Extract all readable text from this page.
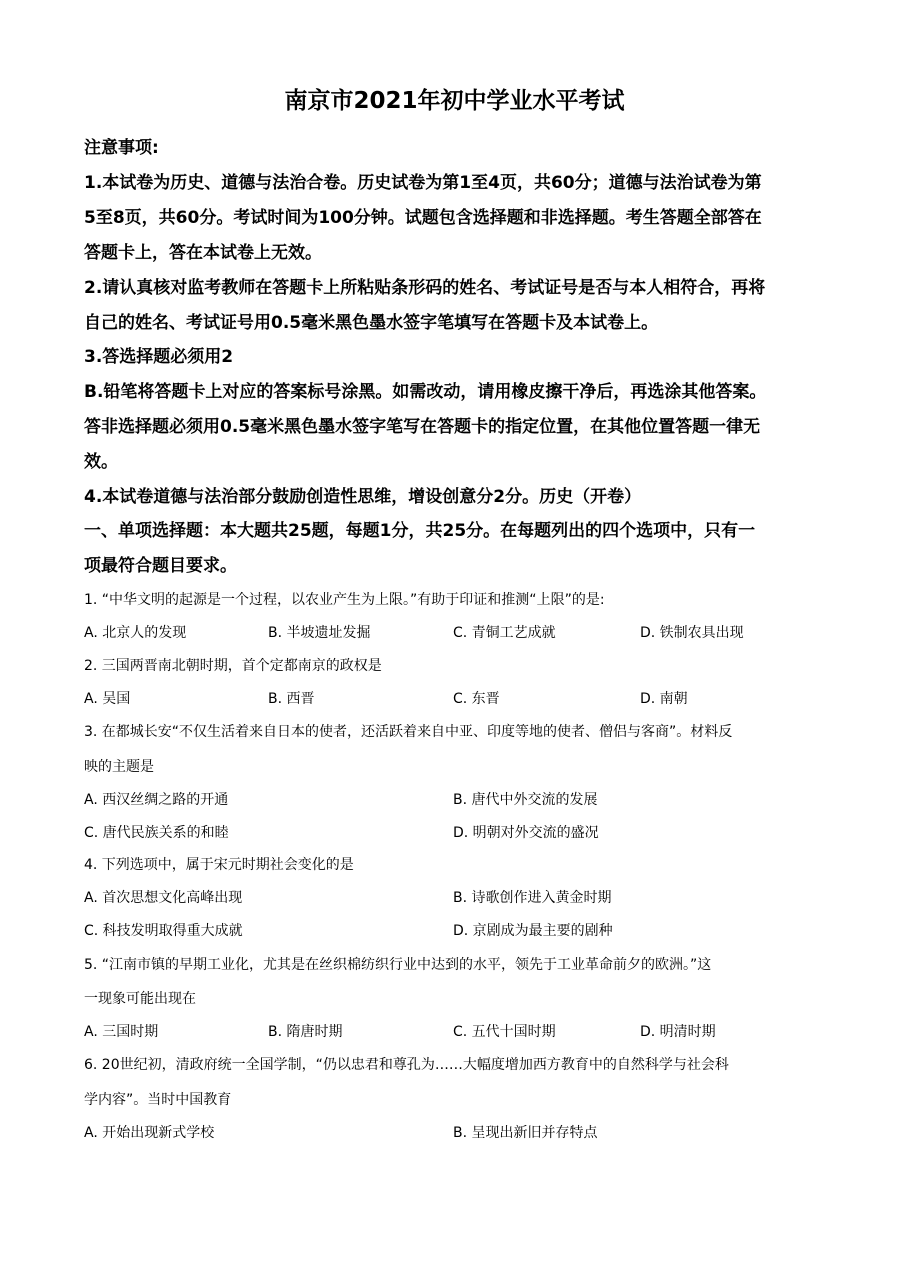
南京市2021年初中学业水平考试
注意事项:
1.本试卷为历史、道德与法治合卷。历史试卷为第1至4页，共60分；道德与法治试卷为第
5至8页，共60分。考试时间为100分钟。试题包含选择题和非选择题。考生答题全部答在
答题卡上，答在本试卷上无效。
2.请认真核对监考教师在答题卡上所粘贴条形码的姓名、考试证号是否与本人相符合，再将
自己的姓名、考试证号用0.5毫米黑色墨水签字笔填写在答题卡及本试卷上。
3.答选择题必须用2
B.铅笔将答题卡上对应的答案标号涂黑。如需改动，请用橡皮擦干净后，再选涂其他答案。
答非选择题必须用0.5毫米黑色墨水签字笔写在答题卡的指定位置，在其他位置答题一律无
效。
4.本试卷道德与法治部分鼓励创造性思维，增设创意分2分。历史（开卷）
一、单项选择题：本大题共25题，每题1分，共25分。在每题列出的四个选项中，只有一
项最符合题目要求。
1. “中华文明的起源是一个过程，以农业产生为上限。”有助于印证和推测“上限”的是:
A. 北京人的发现	B. 半坡遗址发掘	C. 青铜工艺成就	D. 铁制农具出现
2. 三国两晋南北朝时期，首个定都南京的政权是
A. 吴国	B. 西晋	C. 东晋	D. 南朝
3. 在都城长安“不仅生活着来自日本的使者，还活跃着来自中亚、印度等地的使者、僧侣与客商”。材料反
映的主题是
A. 西汉丝绸之路的开通	B. 唐代中外交流的发展
C. 唐代民族关系的和睦	D. 明朝对外交流的盛况
4. 下列选项中，属于宋元时期社会变化的是
A. 首次思想文化高峰出现	B. 诗歌创作进入黄金时期
C. 科技发明取得重大成就	D. 京剧成为最主要的剧种
5. “江南市镇的早期工业化，尤其是在丝织棉纺织行业中达到的水平，领先于工业革命前夕的欧洲。”这
一现象可能出现在
A. 三国时期	B. 隋唐时期	C. 五代十国时期	D. 明清时期
6. 20世纪初，清政府统一全国学制，“仍以忠君和尊孔为……大幅度增加西方教育中的自然科学与社会科
学内容”。当时中国教育
A. 开始出现新式学校	B. 呈现出新旧并存特点
